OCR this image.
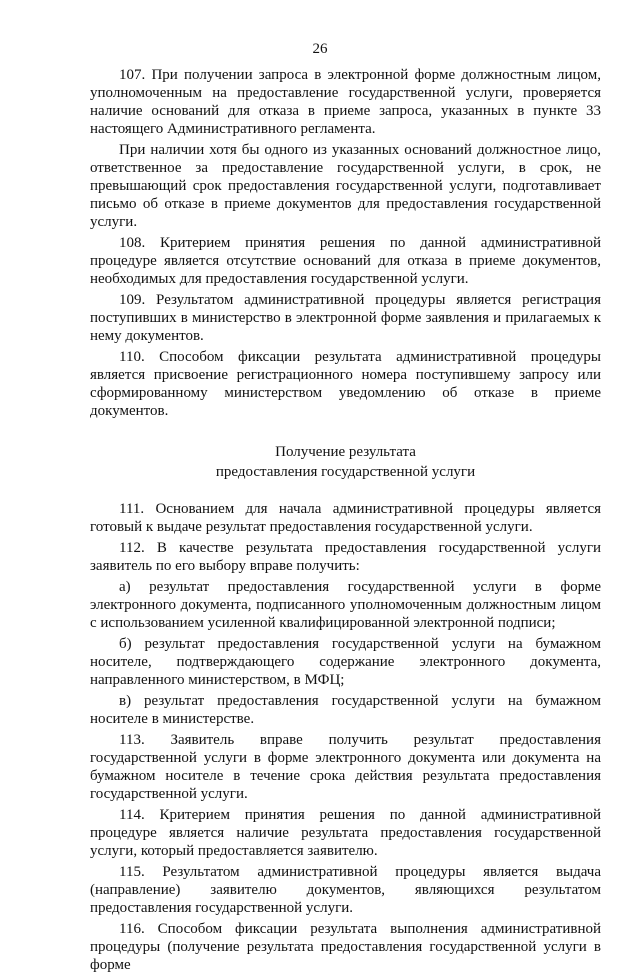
26

107. При получении запроса в электронной форме должностным лицом, уполномоченным на предоставление государственной услуги, проверяется наличие оснований для отказа в приеме запроса, указанных в пункте 33 настоящего Административного регламента.

При наличии хотя бы одного из указанных оснований должностное лицо, ответственное за предоставление государственной услуги, в срок, не превышающий срок предоставления государственной услуги, подготавливает письмо об отказе в приеме документов для предоставления государственной услуги.

108. Критерием принятия решения по данной административной процедуре является отсутствие оснований для отказа в приеме документов, необходимых для предоставления государственной услуги.

109. Результатом административной процедуры является регистрация поступивших в министерство в электронной форме заявления и прилагаемых к нему документов.

110. Способом фиксации результата административной процедуры является присвоение регистрационного номера поступившему запросу или сформированному министерством уведомлению об отказе в приеме документов.

Получение результата
предоставления государственной услуги

111. Основанием для начала административной процедуры является готовый к выдаче результат предоставления государственной услуги.

112. В качестве результата предоставления государственной услуги заявитель по его выбору вправе получить:

а) результат предоставления государственной услуги в форме электронного документа, подписанного уполномоченным должностным лицом с использованием усиленной квалифицированной электронной подписи;

б) результат предоставления государственной услуги на бумажном носителе, подтверждающего содержание электронного документа, направленного министерством, в МФЦ;

в) результат предоставления государственной услуги на бумажном носителе в министерстве.

113. Заявитель вправе получить результат предоставления государственной услуги в форме электронного документа или документа на бумажном носителе в течение срока действия результата предоставления государственной услуги.

114. Критерием принятия решения по данной административной процедуре является наличие результата предоставления государственной услуги, который предоставляется заявителю.

115. Результатом административной процедуры является выдача (направление) заявителю документов, являющихся результатом предоставления государственной услуги.

116. Способом фиксации результата выполнения административной процедуры (получение результата предоставления государственной услуги в форме
